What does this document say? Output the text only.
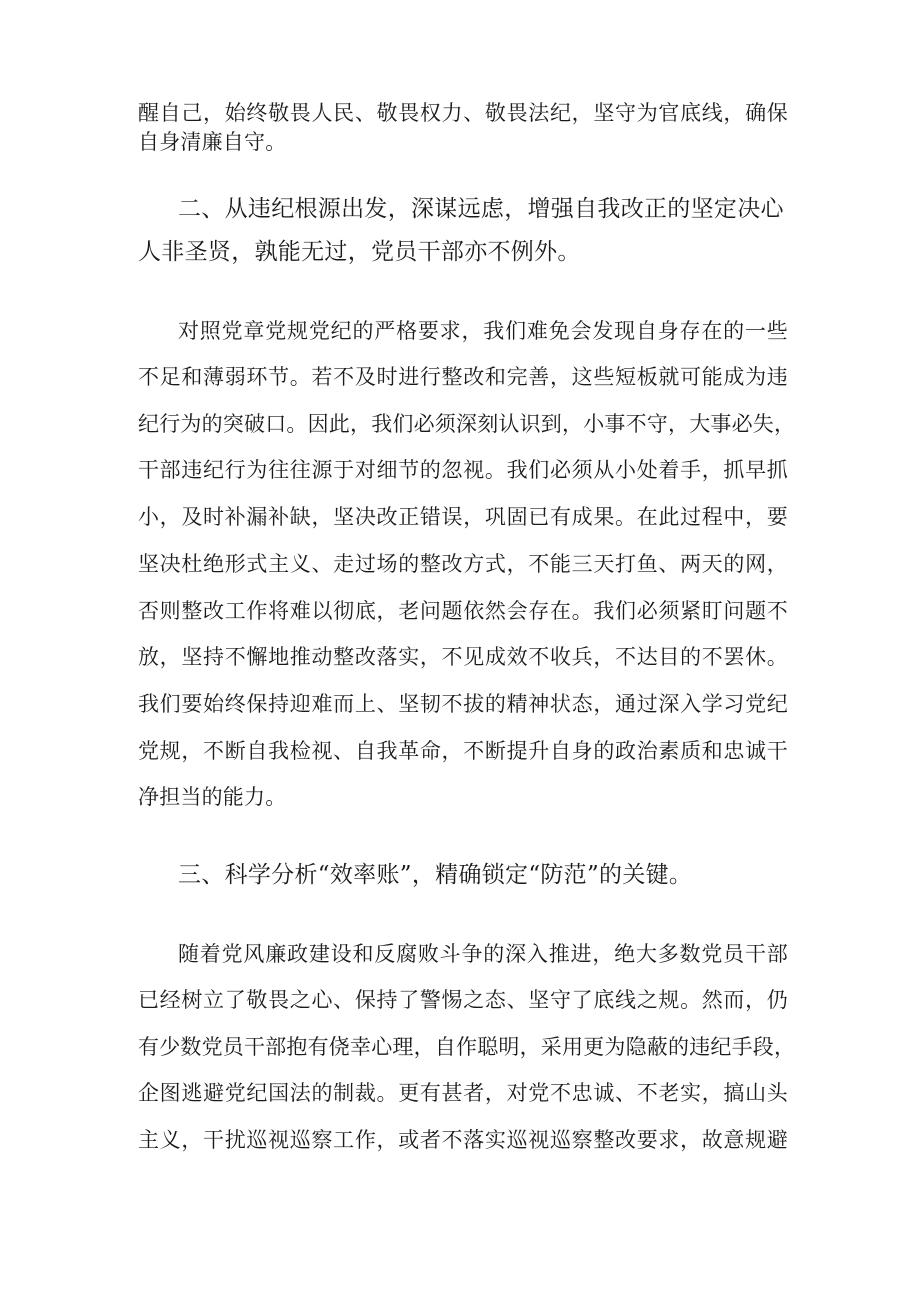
醒自己，始终敬畏人民、敬畏权力、敬畏法纪，坚守为官底线，确保
自身清廉自守。
二、从违纪根源出发，深谋远虑，增强自我改正的坚定决心
人非圣贤，孰能无过，党员干部亦不例外。
对照党章党规党纪的严格要求，我们难免会发现自身存在的一些
不足和薄弱环节。若不及时进行整改和完善，这些短板就可能成为违
纪行为的突破口。因此，我们必须深刻认识到，小事不守，大事必失，
干部违纪行为往往源于对细节的忽视。我们必须从小处着手，抓早抓
小，及时补漏补缺，坚决改正错误，巩固已有成果。在此过程中，要
坚决杜绝形式主义、走过场的整改方式，不能三天打鱼、两天的网，
否则整改工作将难以彻底，老问题依然会存在。我们必须紧盯问题不
放，坚持不懈地推动整改落实，不见成效不收兵，不达目的不罢休。
我们要始终保持迎难而上、坚韧不拔的精神状态，通过深入学习党纪
党规，不断自我检视、自我革命，不断提升自身的政治素质和忠诚干
净担当的能力。
三、科学分析“效率账”，精确锁定“防范”的关键。
随着党风廉政建设和反腐败斗争的深入推进，绝大多数党员干部
已经树立了敬畏之心、保持了警惕之态、坚守了底线之规。然而，仍
有少数党员干部抱有侥幸心理，自作聪明，采用更为隐蔽的违纪手段，
企图逃避党纪国法的制裁。更有甚者，对党不忠诚、不老实，搞山头
主义，干扰巡视巡察工作，或者不落实巡视巡察整改要求，故意规避
